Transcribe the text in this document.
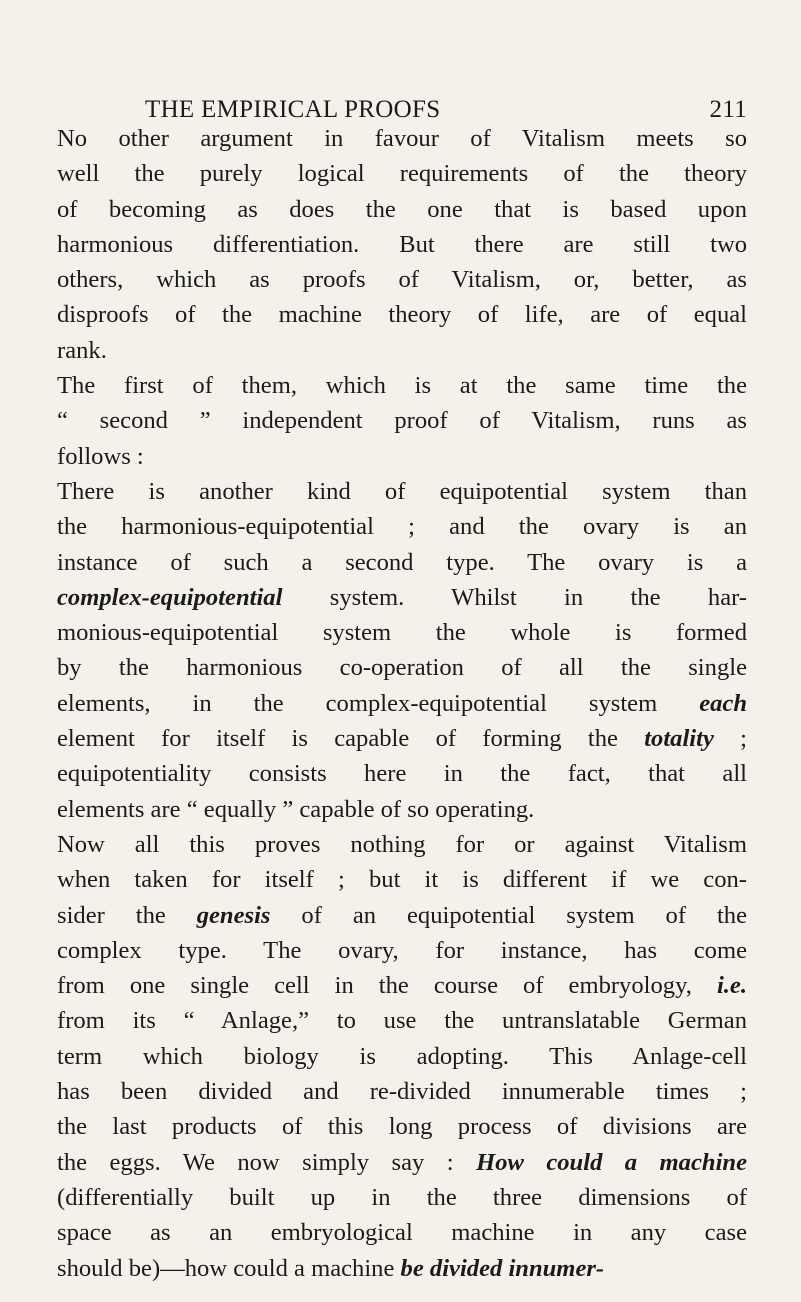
THE EMPIRICAL PROOFS	211
No other argument in favour of Vitalism meets so
well the purely logical requirements of the theory
of becoming as does the one that is based upon
harmonious differentiation. But there are still two
others, which as proofs of Vitalism, or, better, as
disproofs of the machine theory of life, are of equal
rank.
The first of them, which is at the same time the
“ second ” independent proof of Vitalism, runs as
follows :
There is another kind of equipotential system than
the harmonious-equipotential ; and the ovary is an
instance of such a second type. The ovary is a
complex-equipotential system. Whilst in the har-
monious-equipotential system the whole is formed
by the harmonious co-operation of all the single
elements, in the complex-equipotential system each
element for itself is capable of forming the totality ;
equipotentiality consists here in the fact, that all
elements are “ equally ” capable of so operating.
Now all this proves nothing for or against Vitalism
when taken for itself ; but it is different if we con-
sider the genesis of an equipotential system of the
complex type. The ovary, for instance, has come
from one single cell in the course of embryology, i.e.
from its “ Anlage,” to use the untranslatable German
term which biology is adopting. This Anlage-cell
has been divided and re-divided innumerable times ;
the last products of this long process of divisions are
the eggs. We now simply say : How could a machine
(differentially built up in the three dimensions of
space as an embryological machine in any case
should be)—how could a machine be divided innumer-
